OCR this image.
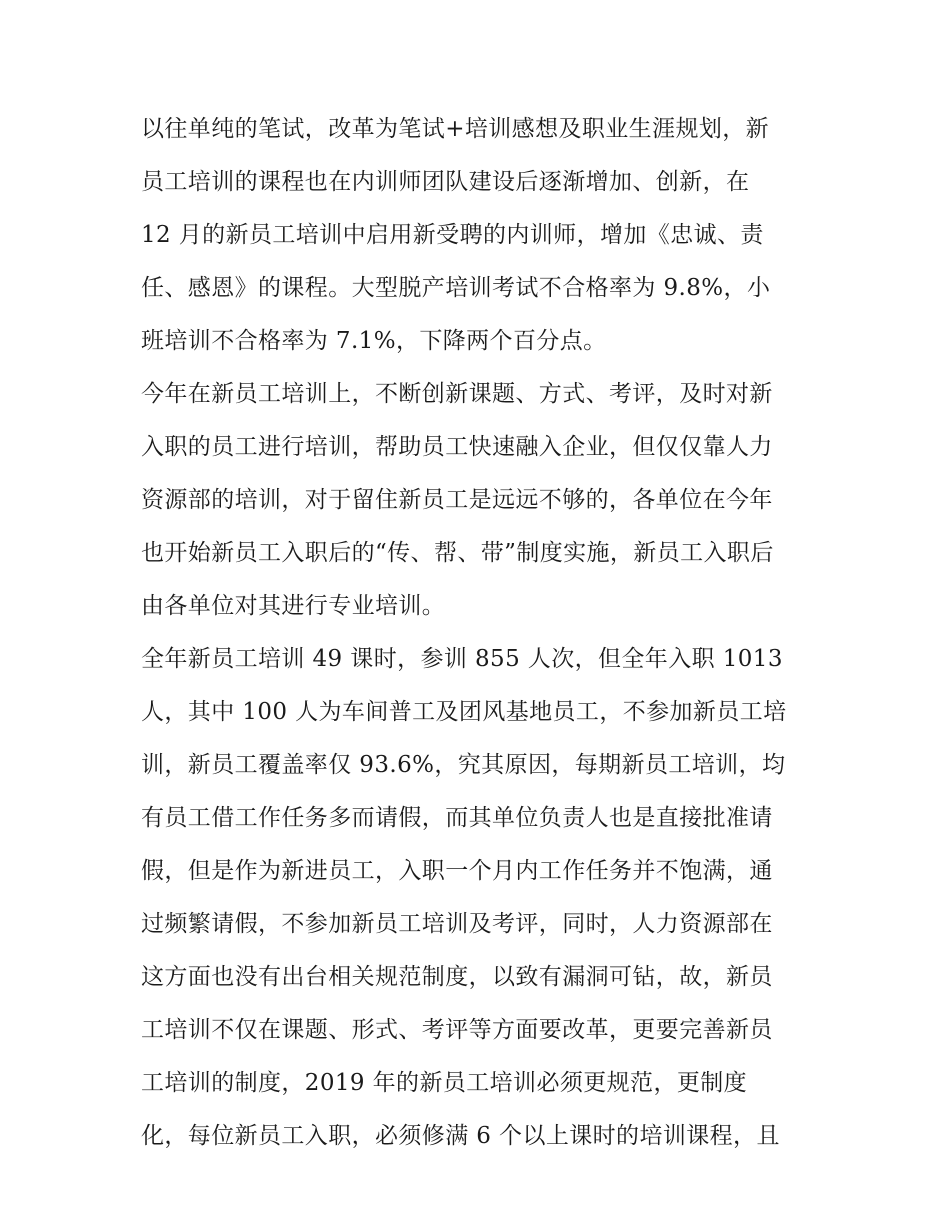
以往单纯的笔试，改革为笔试+培训感想及职业生涯规划，新
员工培训的课程也在内训师团队建设后逐渐增加、创新，在
12 月的新员工培训中启用新受聘的内训师，增加《忠诚、责
任、感恩》的课程。大型脱产培训考试不合格率为 9.8%，小
班培训不合格率为 7.1%，下降两个百分点。
今年在新员工培训上，不断创新课题、方式、考评，及时对新
入职的员工进行培训，帮助员工快速融入企业，但仅仅靠人力
资源部的培训，对于留住新员工是远远不够的，各单位在今年
也开始新员工入职后的“传、帮、带”制度实施，新员工入职后
由各单位对其进行专业培训。
全年新员工培训 49 课时，参训 855 人次，但全年入职 1013
人，其中 100 人为车间普工及团风基地员工，不参加新员工培
训，新员工覆盖率仅 93.6%，究其原因，每期新员工培训，均
有员工借工作任务多而请假，而其单位负责人也是直接批准请
假，但是作为新进员工，入职一个月内工作任务并不饱满，通
过频繁请假，不参加新员工培训及考评，同时，人力资源部在
这方面也没有出台相关规范制度，以致有漏洞可钻，故，新员
工培训不仅在课题、形式、考评等方面要改革，更要完善新员
工培训的制度，2019 年的新员工培训必须更规范，更制度
化，每位新员工入职，必须修满 6 个以上课时的培训课程，且
